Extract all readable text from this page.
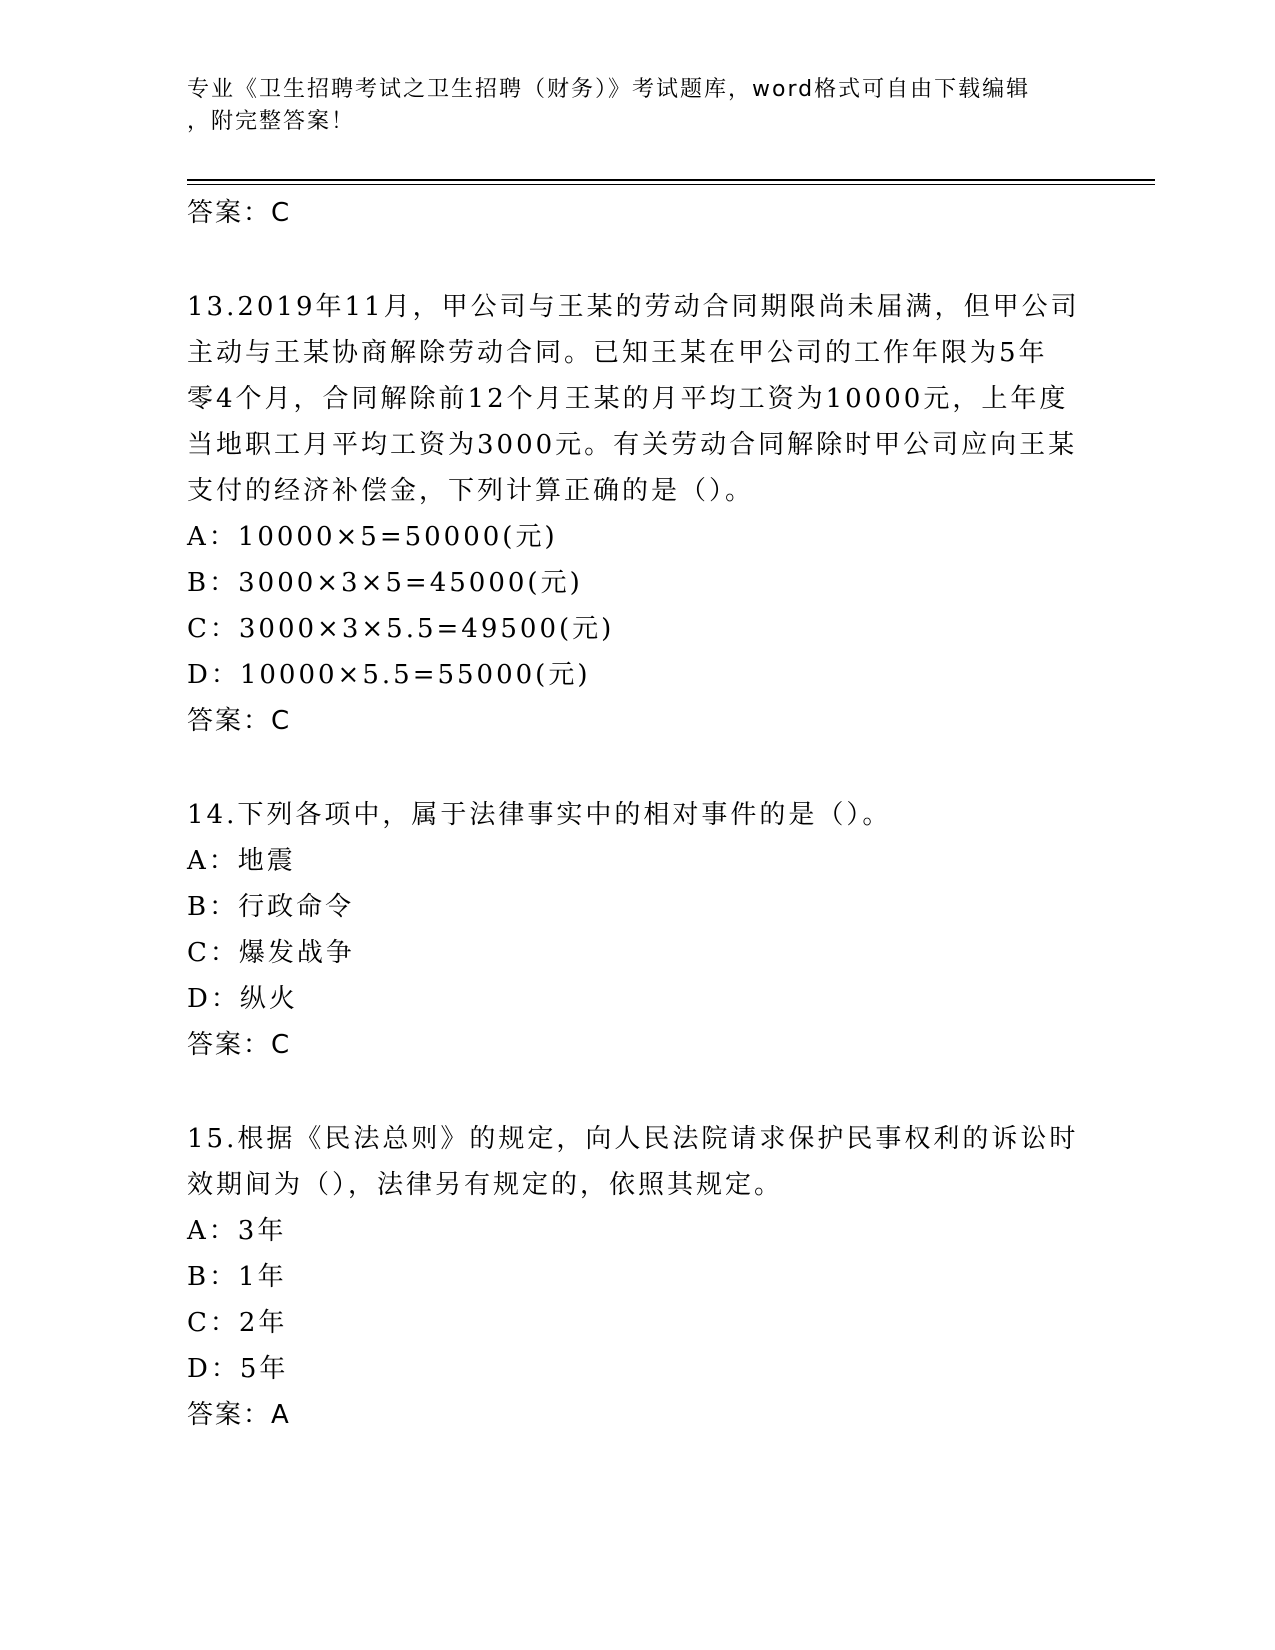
专业《卫生招聘考试之卫生招聘（财务）》考试题库，word格式可自由下载编辑

，附完整答案！

答案：C
13.2019年11月，甲公司与王某的劳动合同期限尚未届满，但甲公司
主动与王某协商解除劳动合同。已知王某在甲公司的工作年限为5年
零4个月，合同解除前12个月王某的月平均工资为10000元，上年度
当地职工月平均工资为3000元。有关劳动合同解除时甲公司应向王某
支付的经济补偿金，下列计算正确的是（）。
A：10000×5=50000(元)
B：3000×3×5=45000(元)
C：3000×3×5.5=49500(元)
D：10000×5.5=55000(元)
答案：C
14.下列各项中，属于法律事实中的相对事件的是（）。
A：地震
B：行政命令
C：爆发战争
D：纵火
答案：C
15.根据《民法总则》的规定，向人民法院请求保护民事权利的诉讼时
效期间为（），法律另有规定的，依照其规定。
A：3年
B：1年
C：2年
D：5年
答案：A
